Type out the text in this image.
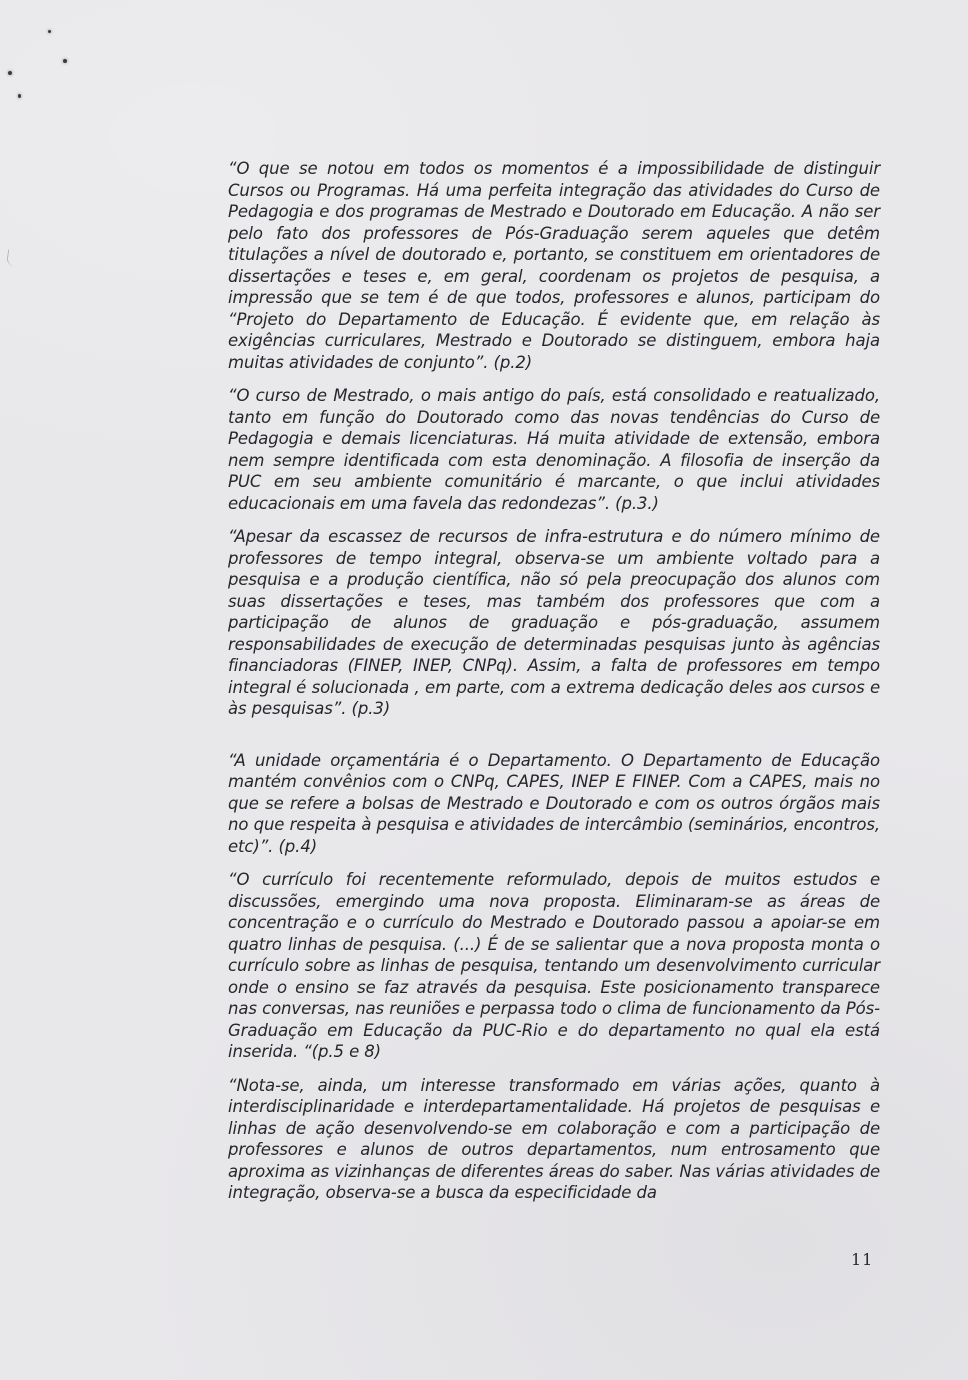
“O que se notou em todos os momentos é a impossibilidade de distinguir Cursos ou Programas. Há uma perfeita integração das atividades do Curso de Pedagogia e dos programas de Mestrado e Doutorado em Educação. A não ser pelo fato dos professores de Pós-Graduação serem aqueles que detêm titulações a nível de doutorado e, portanto, se constituem em orientadores de dissertações e teses e, em geral, coordenam os projetos de pesquisa, a impressão que se tem é de que todos, professores e alunos, participam do “Projeto do Departamento de Educação. É evidente que, em relação às exigências curriculares, Mestrado e Doutorado se distinguem, embora haja muitas atividades de conjunto”. (p.2)

“O curso de Mestrado, o mais antigo do país, está consolidado e reatualizado, tanto em função do Doutorado como das novas tendências do Curso de Pedagogia e demais licenciaturas. Há muita atividade de extensão, embora nem sempre identificada com esta denominação. A filosofia de inserção da PUC em seu ambiente comunitário é marcante, o que inclui atividades educacionais em uma favela das redondezas”. (p.3.)

“Apesar da escassez de recursos de infra-estrutura e do número mínimo de professores de tempo integral, observa-se um ambiente voltado para a pesquisa e a produção científica, não só pela preocupação dos alunos com suas dissertações e teses, mas também dos professores que com a participação de alunos de graduação e pós-graduação, assumem responsabilidades de execução de determinadas pesquisas junto às agências financiadoras (FINEP, INEP, CNPq). Assim, a falta de professores em tempo integral é solucionada , em parte, com a extrema dedicação deles aos cursos e às pesquisas”. (p.3)

“A unidade orçamentária é o Departamento. O Departamento de Educação mantém convênios com o CNPq, CAPES, INEP E FINEP. Com a CAPES, mais no que se refere a bolsas de Mestrado e Doutorado e com os outros órgãos mais no que respeita à pesquisa e atividades de intercâmbio (seminários, encontros, etc)”. (p.4)

“O currículo foi recentemente reformulado, depois de muitos estudos e discussões, emergindo uma nova proposta. Eliminaram-se as áreas de concentração e o currículo do Mestrado e Doutorado passou a apoiar-se em quatro linhas de pesquisa. (...) É de se salientar que a nova proposta monta o currículo sobre as linhas de pesquisa, tentando um desenvolvimento curricular onde o ensino se faz através da pesquisa. Este posicionamento transparece nas conversas, nas reuniões e perpassa todo o clima de funcionamento da Pós-Graduação em Educação da PUC-Rio e do departamento no qual ela está inserida. “(p.5 e 8)

“Nota-se, ainda, um interesse transformado em várias ações, quanto à interdisciplinaridade e interdepartamentalidade. Há projetos de pesquisas e linhas de ação desenvolvendo-se em colaboração e com a participação de professores e alunos de outros departamentos, num entrosamento que aproxima as vizinhanças de diferentes áreas do saber. Nas várias atividades de integração, observa-se a busca da especificidade da

11
